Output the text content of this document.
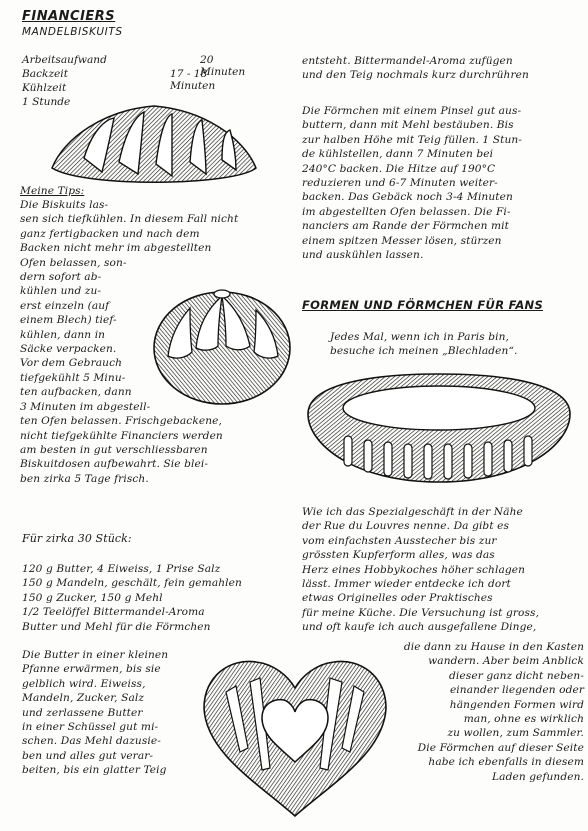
FINANCIERS
MANDELBISKUITS
Arbeitsaufwand	20 Minuten
Backzeit	17 - 18 Minuten
Kühlzeit
1 Stunde
Meine Tips:
Die Biskuits las-
sen sich tiefkühlen. In diesem Fall nicht
ganz fertigbacken und nach dem
Backen nicht mehr im abgestellten
Ofen belassen, son-
dern sofort ab-
kühlen und zu-
erst einzeln (auf
einem Blech) tief-
kühlen, dann in
Säcke verpacken.
Vor dem Gebrauch
tiefgekühlt 5 Minu-
ten aufbacken, dann
3 Minuten im abgestell-
ten Ofen belassen. Frischgebackene,
nicht tiefgekühlte Financiers werden
am besten in gut verschliessbaren
Biskuitdosen aufbewahrt. Sie blei-
ben zirka 5 Tage frisch.
Für zirka 30 Stück:
120 g Butter, 4 Eiweiss, 1 Prise Salz
150 g Mandeln, geschält, fein gemahlen
150 g Zucker, 150 g Mehl
1/2 Teelöffel Bittermandel-Aroma
Butter und Mehl für die Förmchen
Die Butter in einer kleinen
Pfanne erwärmen, bis sie
gelblich wird. Eiweiss,
Mandeln, Zucker, Salz
und zerlassene Butter
in einer Schüssel gut mi-
schen. Das Mehl dazusie-
ben und alles gut verar-
beiten, bis ein glatter Teig
entsteht. Bittermandel-Aroma zufügen
und den Teig nochmals kurz durchrühren
Die Förmchen mit einem Pinsel gut aus-
buttern, dann mit Mehl bestäuben. Bis
zur halben Höhe mit Teig füllen. 1 Stun-
de kühlstellen, dann 7 Minuten bei
240°C backen. Die Hitze auf 190°C
reduzieren und 6-7 Minuten weiter-
backen. Das Gebäck noch 3-4 Minuten
im abgestellten Ofen belassen. Die Fi-
nanciers am Rande der Förmchen mit
einem spitzen Messer lösen, stürzen
und auskühlen lassen.
FORMEN UND FÖRMCHEN FÜR FANS
Jedes Mal, wenn ich in Paris bin,
besuche ich meinen „Blechladen“.
Wie ich das Spezialgeschäft in der Nähe
der Rue du Louvres nenne. Da gibt es
vom einfachsten Ausstecher bis zur
grössten Kupferform alles, was das
Herz eines Hobbykoches höher schlagen
lässt. Immer wieder entdecke ich dort
etwas Originelles oder Praktisches
für meine Küche. Die Versuchung ist gross,
und oft kaufe ich auch ausgefallene Dinge,
die dann zu Hause in den Kasten
wandern. Aber beim Anblick
dieser ganz dicht neben-
einander liegenden oder
hängenden Formen wird
man, ohne es wirklich
zu wollen, zum Sammler.
Die Förmchen auf dieser Seite
habe ich ebenfalls in diesem
Laden gefunden.
